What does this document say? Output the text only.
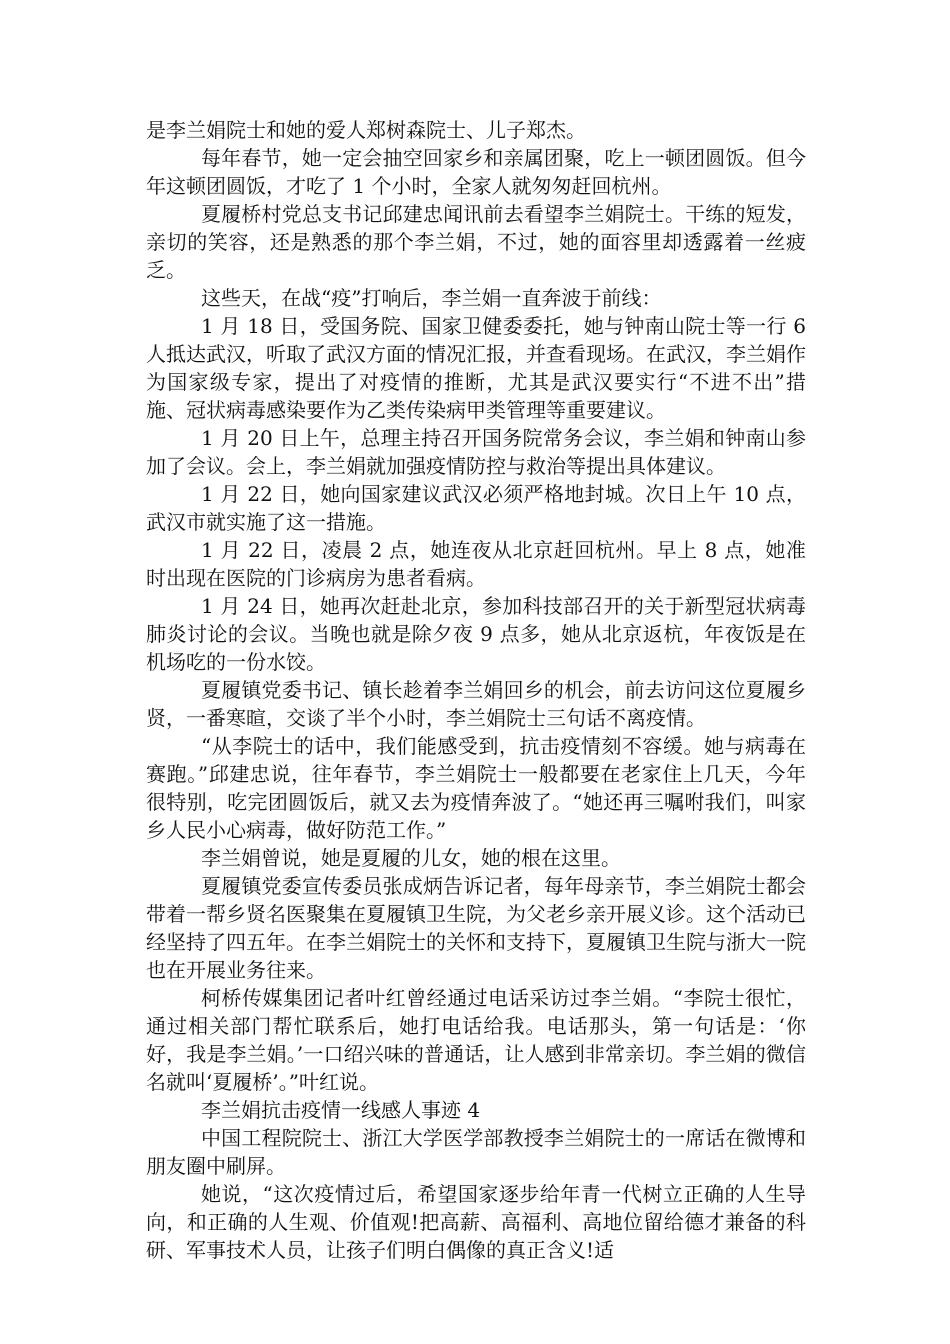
是李兰娟院士和她的爱人郑树森院士、儿子郑杰。

每年春节，她一定会抽空回家乡和亲属团聚，吃上一顿团圆饭。但今年这顿团圆饭，才吃了 1 个小时，全家人就匆匆赶回杭州。

夏履桥村党总支书记邱建忠闻讯前去看望李兰娟院士。干练的短发，亲切的笑容，还是熟悉的那个李兰娟，不过，她的面容里却透露着一丝疲乏。

这些天，在战“疫”打响后，李兰娟一直奔波于前线：

1 月 18 日，受国务院、国家卫健委委托，她与钟南山院士等一行 6 人抵达武汉，听取了武汉方面的情况汇报，并查看现场。在武汉，李兰娟作为国家级专家，提出了对疫情的推断，尤其是武汉要实行“不进不出”措施、冠状病毒感染要作为乙类传染病甲类管理等重要建议。

1 月 20 日上午，总理主持召开国务院常务会议，李兰娟和钟南山参加了会议。会上，李兰娟就加强疫情防控与救治等提出具体建议。

1 月 22 日，她向国家建议武汉必须严格地封城。次日上午 10 点，武汉市就实施了这一措施。

1 月 22 日，凌晨 2 点，她连夜从北京赶回杭州。早上 8 点，她准时出现在医院的门诊病房为患者看病。

1 月 24 日，她再次赶赴北京，参加科技部召开的关于新型冠状病毒肺炎讨论的会议。当晚也就是除夕夜 9 点多，她从北京返杭，年夜饭是在机场吃的一份水饺。

夏履镇党委书记、镇长趁着李兰娟回乡的机会，前去访问这位夏履乡贤，一番寒暄，交谈了半个小时，李兰娟院士三句话不离疫情。

“从李院士的话中，我们能感受到，抗击疫情刻不容缓。她与病毒在赛跑。”邱建忠说，往年春节，李兰娟院士一般都要在老家住上几天，今年很特别，吃完团圆饭后，就又去为疫情奔波了。“她还再三嘱咐我们，叫家乡人民小心病毒，做好防范工作。”

李兰娟曾说，她是夏履的儿女，她的根在这里。

夏履镇党委宣传委员张成炳告诉记者，每年母亲节，李兰娟院士都会带着一帮乡贤名医聚集在夏履镇卫生院，为父老乡亲开展义诊。这个活动已经坚持了四五年。在李兰娟院士的关怀和支持下，夏履镇卫生院与浙大一院也在开展业务往来。

柯桥传媒集团记者叶红曾经通过电话采访过李兰娟。“李院士很忙，通过相关部门帮忙联系后，她打电话给我。电话那头，第一句话是：‘你好，我是李兰娟。’一口绍兴味的普通话，让人感到非常亲切。李兰娟的微信名就叫‘夏履桥’。”叶红说。

李兰娟抗击疫情一线感人事迹 4

中国工程院院士、浙江大学医学部教授李兰娟院士的一席话在微博和朋友圈中刷屏。

她说，“这次疫情过后，希望国家逐步给年青一代树立正确的人生导向，和正确的人生观、价值观!把高薪、高福利、高地位留给德才兼备的科研、军事技术人员，让孩子们明白偶像的真正含义!适
